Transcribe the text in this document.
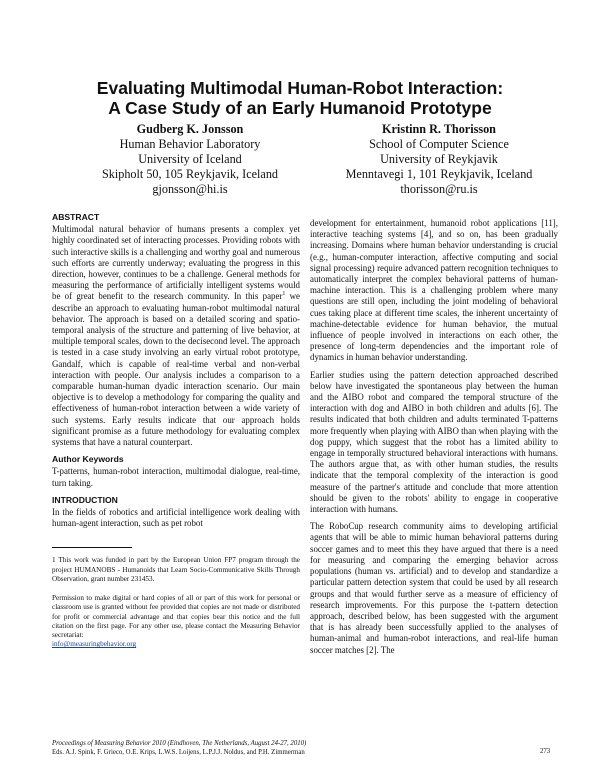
Evaluating Multimodal Human-Robot Interaction:
A Case Study of an Early Humanoid Prototype
Gudberg K. Jonsson
Human Behavior Laboratory
University of Iceland
Skipholt 50, 105 Reykjavik, Iceland
gjonsson@hi.is
Kristinn R. Thorisson
School of Computer Science
University of Reykjavik
Menntavegi 1, 101 Reykjavik, Iceland
thorisson@ru.is
ABSTRACT
Multimodal natural behavior of humans presents a complex yet highly coordinated set of interacting processes. Providing robots with such interactive skills is a challenging and worthy goal and numerous such efforts are currently underway; evaluating the progress in this direction, however, continues to be a challenge. General methods for measuring the performance of artificially intelligent systems would be of great benefit to the research community. In this paper$^1$ we describe an approach to evaluating human-robot multimodal natural behavior. The approach is based on a detailed scoring and spatio-temporal analysis of the structure and patterning of live behavior, at multiple temporal scales, down to the decisecond level. The approach is tested in a case study involving an early virtual robot prototype, Gandalf, which is capable of real-time verbal and non-verbal interaction with people. Our analysis includes a comparison to a comparable human-human dyadic interaction scenario. Our main objective is to develop a methodology for comparing the quality and effectiveness of human-robot interaction between a wide variety of such systems. Early results indicate that our approach holds significant promise as a future methodology for evaluating complex systems that have a natural counterpart.
Author Keywords
T-patterns, human-robot interaction, multimodal dialogue, real-time, turn taking.
INTRODUCTION
In the fields of robotics and artificial intelligence work dealing with human-agent interaction, such as pet robot
1 This work was funded in part by the European Union FP7 program through the project HUMANOBS - Humanoids that Learn Socio-Communicative Skills Through Observation, grant number 231453.
Permission to make digital or hard copies of all or part of this work for personal or classroom use is granted without fee provided that copies are not made or distributed for profit or commercial advantage and that copies bear this notice and the full citation on the first page. For any other use, please contact the Measuring Behavior secretariat:
info@measuringbehavior.org
development for entertainment, humanoid robot applications [11], interactive teaching systems [4], and so on, has been gradually increasing. Domains where human behavior understanding is crucial (e.g., human-computer interaction, affective computing and social signal processing) require advanced pattern recognition techniques to automatically interpret the complex behavioral patterns of human-machine interaction. This is a challenging problem where many questions are still open, including the joint modeling of behavioral cues taking place at different time scales, the inherent uncertainty of machine-detectable evidence for human behavior, the mutual influence of people involved in interactions on each other, the presence of long-term dependencies and the important role of dynamics in human behavior understanding.
Earlier studies using the pattern detection approached described below have investigated the spontaneous play between the human and the AIBO robot and compared the temporal structure of the interaction with dog and AIBO in both children and adults [6]. The results indicated that both children and adults terminated T-patterns more frequently when playing with AIBO than when playing with the dog puppy, which suggest that the robot has a limited ability to engage in temporally structured behavioral interactions with humans. The authors argue that, as with other human studies, the results indicate that the temporal complexity of the interaction is good measure of the partner's attitude and conclude that more attention should be given to the robots' ability to engage in cooperative interaction with humans.
The RoboCup research community aims to developing artificial agents that will be able to mimic human behavioral patterns during soccer games and to meet this they have argued that there is a need for measuring and comparing the emerging behavior across populations (human vs. artificial) and to develop and standardize a particular pattern detection system that could be used by all research groups and that would further serve as a measure of efficiency of research improvements. For this purpose the t-pattern detection approach, described below, has been suggested with the argument that is has already been successfully applied to the analyses of human-animal and human-robot interactions, and real-life human soccer matches [2]. The
Proceedings of Measuring Behavior 2010 (Eindhoven, The Netherlands, August 24-27, 2010)
Eds. A.J. Spink, F. Grieco, O.E. Krips, L.W.S. Loijens, L.P.J.J. Noldus, and P.H. Zimmerman	273
